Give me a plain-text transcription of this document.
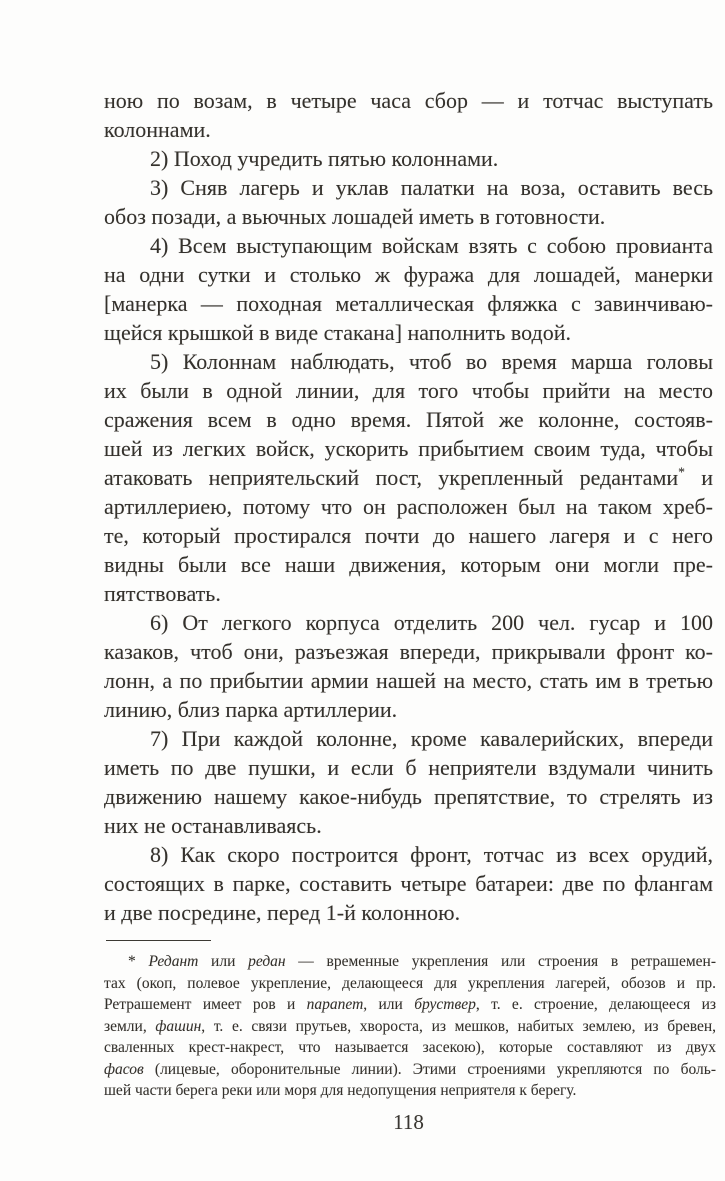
ною по возам, в четыре часа сбор — и тотчас выступать
колоннами.
2) Поход учредить пятью колоннами.
3) Сняв лагерь и уклав палатки на воза, оставить весь
обоз позади, а вьючных лошадей иметь в готовности.
4) Всем выступающим войскам взять с собою провианта
на одни сутки и столько ж фуража для лошадей, манерки
[манерка — походная металлическая фляжка с завинчиваю-
щейся крышкой в виде стакана] наполнить водой.
5) Колоннам наблюдать, чтоб во время марша головы
их были в одной линии, для того чтобы прийти на место
сражения всем в одно время. Пятой же колонне, состояв-
шей из легких войск, ускорить прибытием своим туда, чтобы
атаковать неприятельский пост, укрепленный редантами* и
артиллериею, потому что он расположен был на таком хреб-
те, который простирался почти до нашего лагеря и с него
видны были все наши движения, которым они могли пре-
пятствовать.
6) От легкого корпуса отделить 200 чел. гусар и 100
казаков, чтоб они, разъезжая впереди, прикрывали фронт ко-
лонн, а по прибытии армии нашей на место, стать им в третью
линию, близ парка артиллерии.
7) При каждой колонне, кроме кавалерийских, впереди
иметь по две пушки, и если б неприятели вздумали чинить
движению нашему какое-нибудь препятствие, то стрелять из
них не останавливаясь.
8) Как скоро построится фронт, тотчас из всех орудий,
состоящих в парке, составить четыре батареи: две по флангам
и две посредине, перед 1-й колонною.
* Редант или редан — временные укрепления или строения в ретрашемен-
тах (окоп, полевое укрепление, делающееся для укрепления лагерей, обозов и пр.
Ретрашемент имеет ров и парапет, или бруствер, т. е. строение, делающееся из
земли, фашин, т. е. связи прутьев, хвороста, из мешков, набитых землею, из бревен,
сваленных крест-накрест, что называется засекою), которые составляют из двух
фасов (лицевые, оборонительные линии). Этими строениями укрепляются по боль-
шей части берега реки или моря для недопущения неприятеля к берегу.
118
